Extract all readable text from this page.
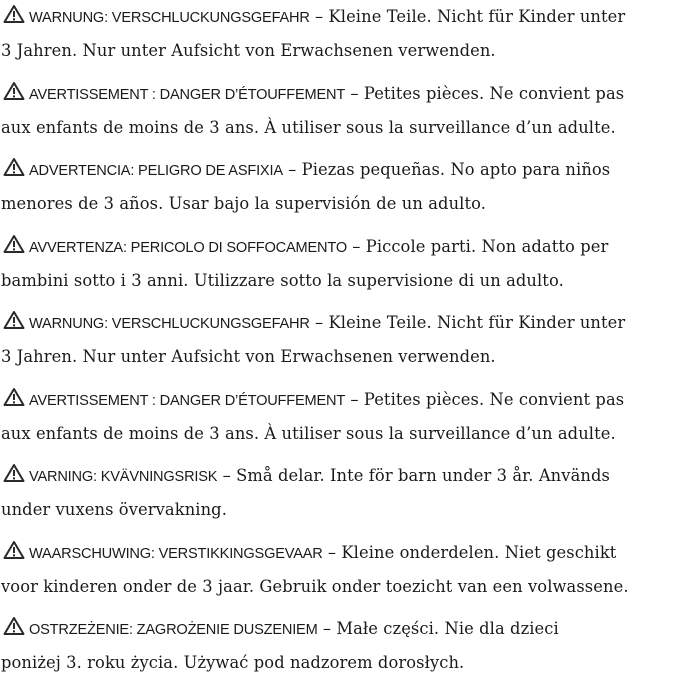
WARNUNG: VERSCHLUCKUNGSGEFAHR – Kleine Teile. Nicht für Kinder unter
3 Jahren. Nur unter Aufsicht von Erwachsenen verwenden.
AVERTISSEMENT : DANGER D’ÉTOUFFEMENT – Petites pièces. Ne convient pas
aux enfants de moins de 3 ans. À utiliser sous la surveillance d’un adulte.
ADVERTENCIA: PELIGRO DE ASFIXIA – Piezas pequeñas. No apto para niños
menores de 3 años. Usar bajo la supervisión de un adulto.
AVVERTENZA: PERICOLO DI SOFFOCAMENTO – Piccole parti. Non adatto per
bambini sotto i 3 anni. Utilizzare sotto la supervisione di un adulto.
WARNUNG: VERSCHLUCKUNGSGEFAHR – Kleine Teile. Nicht für Kinder unter
3 Jahren. Nur unter Aufsicht von Erwachsenen verwenden.
AVERTISSEMENT : DANGER D’ÉTOUFFEMENT – Petites pièces. Ne convient pas
aux enfants de moins de 3 ans. À utiliser sous la surveillance d’un adulte.
VARNING: KVÄVNINGSRISK – Små delar. Inte för barn under 3 år. Används
under vuxens övervakning.
WAARSCHUWING: VERSTIKKINGSGEVAAR – Kleine onderdelen. Niet geschikt
voor kinderen onder de 3 jaar. Gebruik onder toezicht van een volwassene.
OSTRZEŻENIE: ZAGROŻENIE DUSZENIEM – Małe części. Nie dla dzieci
poniżej 3. roku życia. Używać pod nadzorem dorosłych.
